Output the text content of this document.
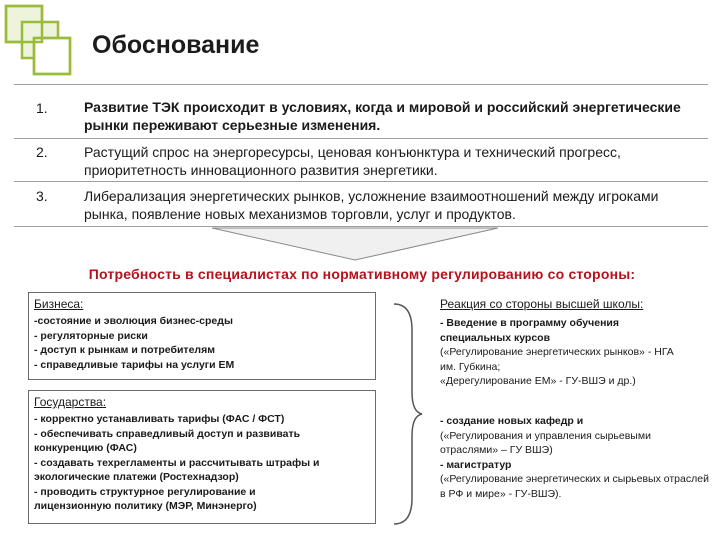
Обоснование
1.	Развитие ТЭК происходит в условиях, когда и мировой и российский энергетические рынки переживают серьезные изменения.
2.	Растущий спрос на энергоресурсы, ценовая конъюнктура и технический прогресс, приоритетность инновационного развития энергетики.
3.	Либерализация энергетических рынков, усложнение взаимоотношений между игроками рынка, появление новых механизмов торговли, услуг и продуктов.
Потребность в специалистах по нормативному регулированию со стороны:
Бизнеса:
-состояние и эволюция бизнес-среды
- регуляторные риски
- доступ к рынкам и потребителям
- справедливые тарифы на услуги ЕМ
Государства:
- корректно устанавливать тарифы (ФАС / ФСТ)
- обеспечивать справедливый доступ и развивать конкуренцию (ФАС)
- создавать техрегламенты и рассчитывать штрафы и экологические платежи (Ростехнадзор)
- проводить структурное регулирование и лицензионную политику (МЭР, Минэнерго)
Реакция со стороны высшей школы:
- Введение в программу обучения специальных курсов
(«Регулирование энергетических рынков» - НГА им. Губкина;
«Дерегулирование ЕМ» - ГУ-ВШЭ и др.)
- создание новых кафедр и
(«Регулирования и управления сырьевыми отраслями» – ГУ ВШЭ)
- магистратур
(«Регулирование энергетических и сырьевых отраслей в РФ и мире» - ГУ-ВШЭ).
